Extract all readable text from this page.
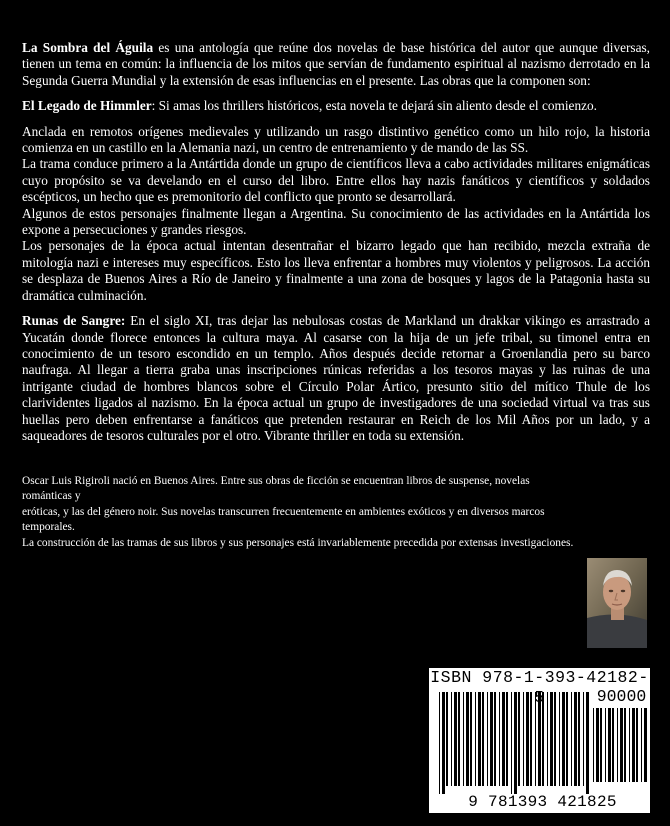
La Sombra del Águila es una antología que reúne dos novelas de base histórica del autor que aunque diversas, tienen un tema en común: la influencia de los mitos que servían de fundamento espiritual al nazismo derrotado en la Segunda Guerra Mundial y la extensión de esas influencias en el presente. Las obras que la componen son:

El Legado de Himmler: Si amas los thrillers históricos, esta novela te dejará sin aliento desde el comienzo.

Anclada en remotos orígenes medievales y utilizando un rasgo distintivo genético como un hilo rojo, la historia comienza en un castillo en la Alemania nazi, un centro de entrenamiento y de mando de las SS.

La trama conduce primero a la Antártida donde un grupo de científicos lleva a cabo actividades militares enigmáticas cuyo propósito se va develando en el curso del libro. Entre ellos hay nazis fanáticos y científicos y soldados escépticos, un hecho que es premonitorio del conflicto que pronto se desarrollará.

Algunos de estos personajes finalmente llegan a Argentina. Su conocimiento de las actividades en la Antártida los expone a persecuciones y grandes riesgos.

Los personajes de la época actual intentan desentrañar el bizarro legado que han recibido, mezcla extraña de mitología nazi e intereses muy específicos. Esto los lleva enfrentar a hombres muy violentos y peligrosos. La acción se desplaza de Buenos Aires a Río de Janeiro y finalmente a una zona de bosques y lagos de la Patagonia hasta su dramática culminación.

Runas de Sangre: En el siglo XI, tras dejar las nebulosas costas de Markland un drakkar vikingo es arrastrado a Yucatán donde florece entonces la cultura maya. Al casarse con la hija de un jefe tribal, su timonel entra en conocimiento de un tesoro escondido en un templo. Años después decide retornar a Groenlandia pero su barco naufraga. Al llegar a tierra graba unas inscripciones rúnicas referidas a los tesoros mayas y las ruinas de una intrigante ciudad de hombres blancos sobre el Círculo Polar Ártico, presunto sitio del mítico Thule de los clarividentes ligados al nazismo. En la época actual un grupo de investigadores de una sociedad virtual va tras sus huellas pero deben enfrentarse a fanáticos que pretenden restaurar en Reich de los Mil Años por un lado, y a saqueadores de tesoros culturales por el otro. Vibrante thriller en toda su extensión.

Oscar Luis Rigiroli nació en Buenos Aires. Entre sus obras de ficción se encuentran libros de suspense, novelas románticas y

eróticas, y las del género noir. Sus novelas transcurren frecuentemente en ambientes exóticos y en diversos marcos temporales.

La construcción de las tramas de sus libros y sus personajes está invariablemente precedida por extensas investigaciones.

ISBN 978-1-393-42182-
90000
9 781393 421825
